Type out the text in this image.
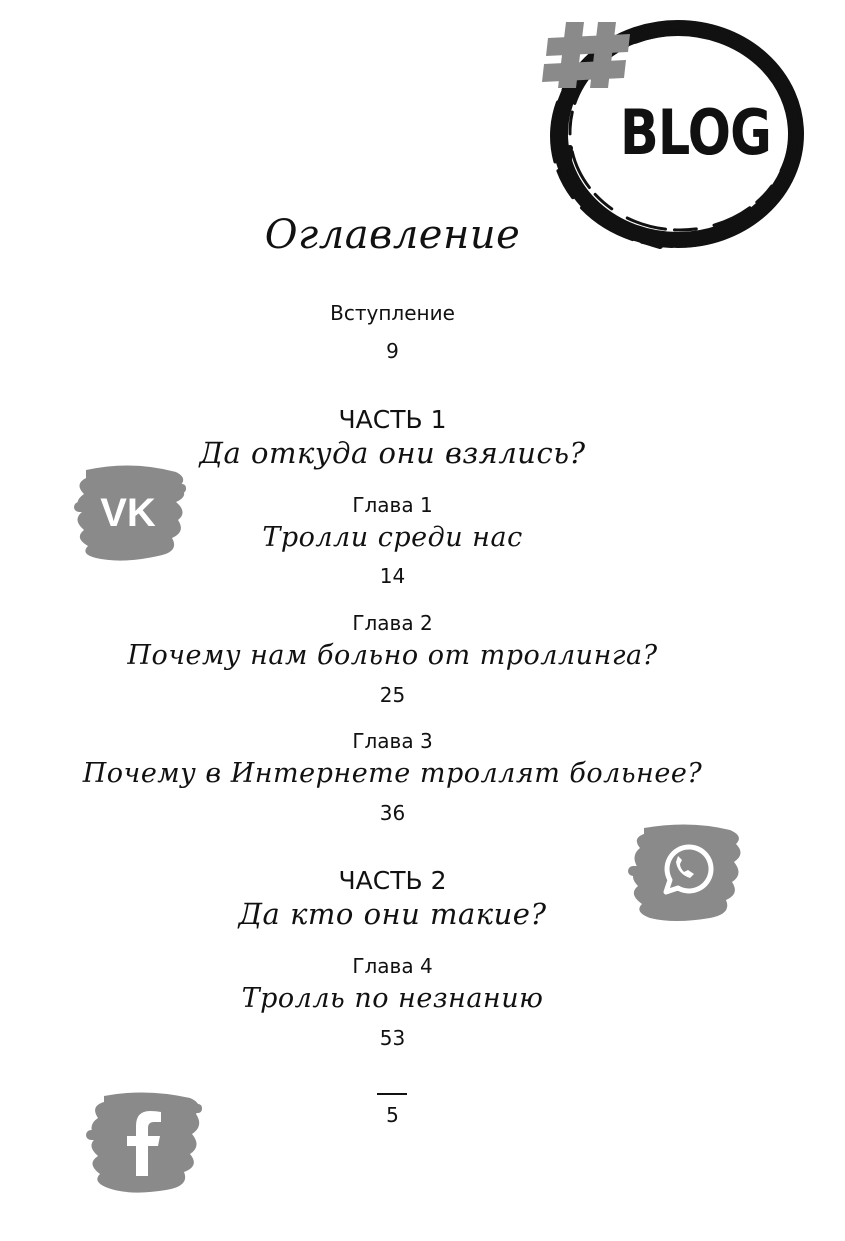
BLOG
Оглавление
Вступление
9
ЧАСТЬ 1
Да откуда они взялись?
Глава 1
Тролли среди нас
14
Глава 2
Почему нам больно от троллинга?
25
Глава 3
Почему в Интернете троллят больнее?
36
ЧАСТЬ 2
Да кто они такие?
Глава 4
Тролль по незнанию
53
5
VK
